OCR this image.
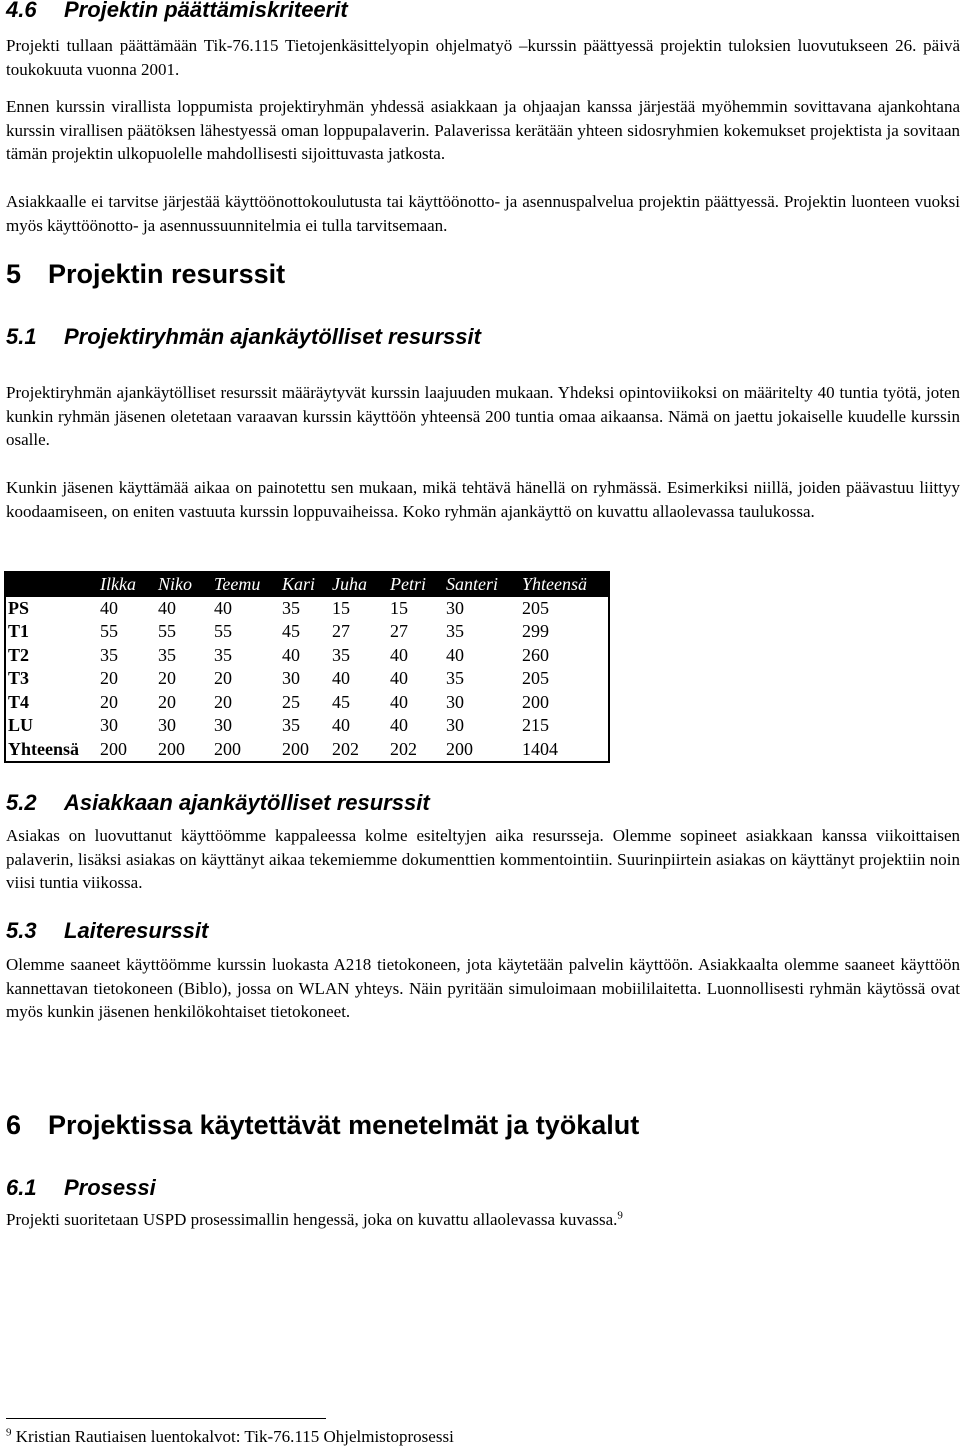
4.6 Projektin päättämiskriteerit

Projekti tullaan päättämään Tik-76.115 Tietojenkäsittelyopin ohjelmatyö –kurssin päättyessä projektin tuloksien luovutukseen 26. päivä toukokuuta vuonna 2001.

Ennen kurssin virallista loppumista projektiryhmän yhdessä asiakkaan ja ohjaajan kanssa järjestää myöhemmin sovittavana ajankohtana kurssin virallisen päätöksen lähestyessä oman loppupalaverin. Palaverissa kerätään yhteen sidosryhmien kokemukset projektista ja sovitaan tämän projektin ulkopuolelle mahdollisesti sijoittuvasta jatkosta.

Asiakkaalle ei tarvitse järjestää käyttöönottokoulutusta tai käyttöönotto- ja asennuspalvelua projektin päättyessä. Projektin luonteen vuoksi myös käyttöönotto- ja asennussuunnitelmia ei tulla tarvitsemaan.

5 Projektin resurssit
5.1 Projektiryhmän ajankäytölliset resurssit

Projektiryhmän ajankäytölliset resurssit määräytyvät kurssin laajuuden mukaan. Yhdeksi opintoviikoksi on määritelty 40 tuntia työtä, joten kunkin ryhmän jäsenen oletetaan varaavan kurssin käyttöön yhteensä 200 tuntia omaa aikaansa. Nämä on jaettu jokaiselle kuudelle kurssin osalle.

Kunkin jäsenen käyttämää aikaa on painotettu sen mukaan, mikä tehtävä hänellä on ryhmässä. Esimerkiksi niillä, joiden päävastuu liittyy koodaamiseen, on eniten vastuuta kurssin loppuvaiheissa. Koko ryhmän ajankäyttö on kuvattu allaolevassa taulukossa.

	Ilkka	Niko	Teemu	Kari	Juha	Petri	Santeri	Yhteensä
PS	40	40	40	35	15	15	30	205
T1	55	55	55	45	27	27	35	299
T2	35	35	35	40	35	40	40	260
T3	20	20	20	30	40	40	35	205
T4	20	20	20	25	45	40	30	200
LU	30	30	30	35	40	40	30	215
Yhteensä	200	200	200	200	202	202	200	1404
5.2 Asiakkaan ajankäytölliset resurssit

Asiakas on luovuttanut käyttöömme kappaleessa kolme esiteltyjen aika resursseja. Olemme sopineet asiakkaan kanssa viikoittaisen palaverin, lisäksi asiakas on käyttänyt aikaa tekemiemme dokumenttien kommentointiin. Suurinpiirtein asiakas on käyttänyt projektiin noin viisi tuntia viikossa.

5.3 Laiteresurssit

Olemme saaneet käyttöömme kurssin luokasta A218 tietokoneen, jota käytetään palvelin käyttöön. Asiakkaalta olemme saaneet käyttöön kannettavan tietokoneen (Biblo), jossa on WLAN yhteys. Näin pyritään simuloimaan mobiililaitetta. Luonnollisesti ryhmän käytössä ovat myös kunkin jäsenen henkilökohtaiset tietokoneet.

6 Projektissa käytettävät menetelmät ja työkalut
6.1 Prosessi

Projekti suoritetaan USPD prosessimallin hengessä, joka on kuvattu allaolevassa kuvassa.$^9$

$^9$ Kristian Rautiaisen luentokalvot: Tik-76.115 Ohjelmistoprosessi
